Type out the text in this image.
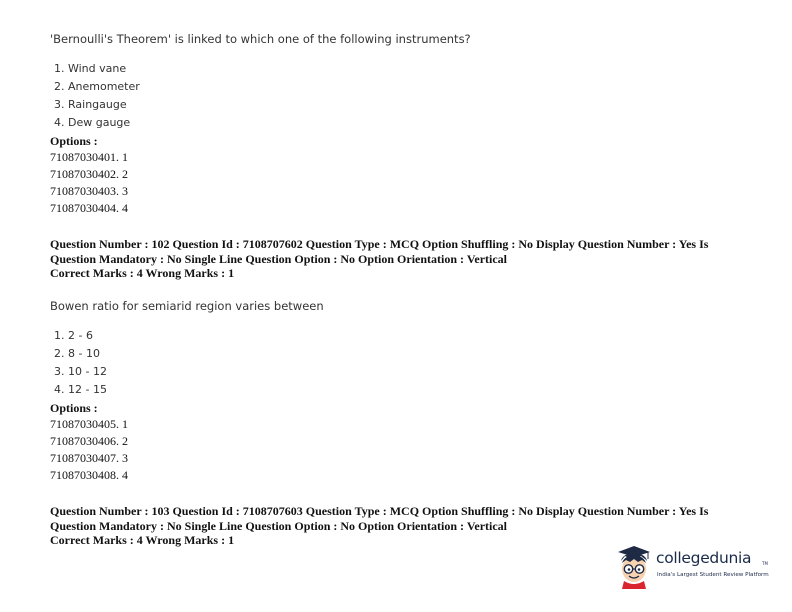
'Bernoulli's Theorem' is linked to which one of the following instruments?
1. Wind vane
2. Anemometer
3. Raingauge
4. Dew gauge
Options :
71087030401. 1
71087030402. 2
71087030403. 3
71087030404. 4
Question Number : 102 Question Id : 7108707602 Question Type : MCQ Option Shuffling : No Display Question Number : Yes Is
Question Mandatory : No Single Line Question Option : No Option Orientation : Vertical
Correct Marks : 4 Wrong Marks : 1
Bowen ratio for semiarid region varies between
1. 2 - 6
2. 8 - 10
3. 10 - 12
4. 12 - 15
Options :
71087030405. 1
71087030406. 2
71087030407. 3
71087030408. 4
Question Number : 103 Question Id : 7108707603 Question Type : MCQ Option Shuffling : No Display Question Number : Yes Is
Question Mandatory : No Single Line Question Option : No Option Orientation : Vertical
Correct Marks : 4 Wrong Marks : 1
collegedunia	TM
India's Largest Student Review Platform
